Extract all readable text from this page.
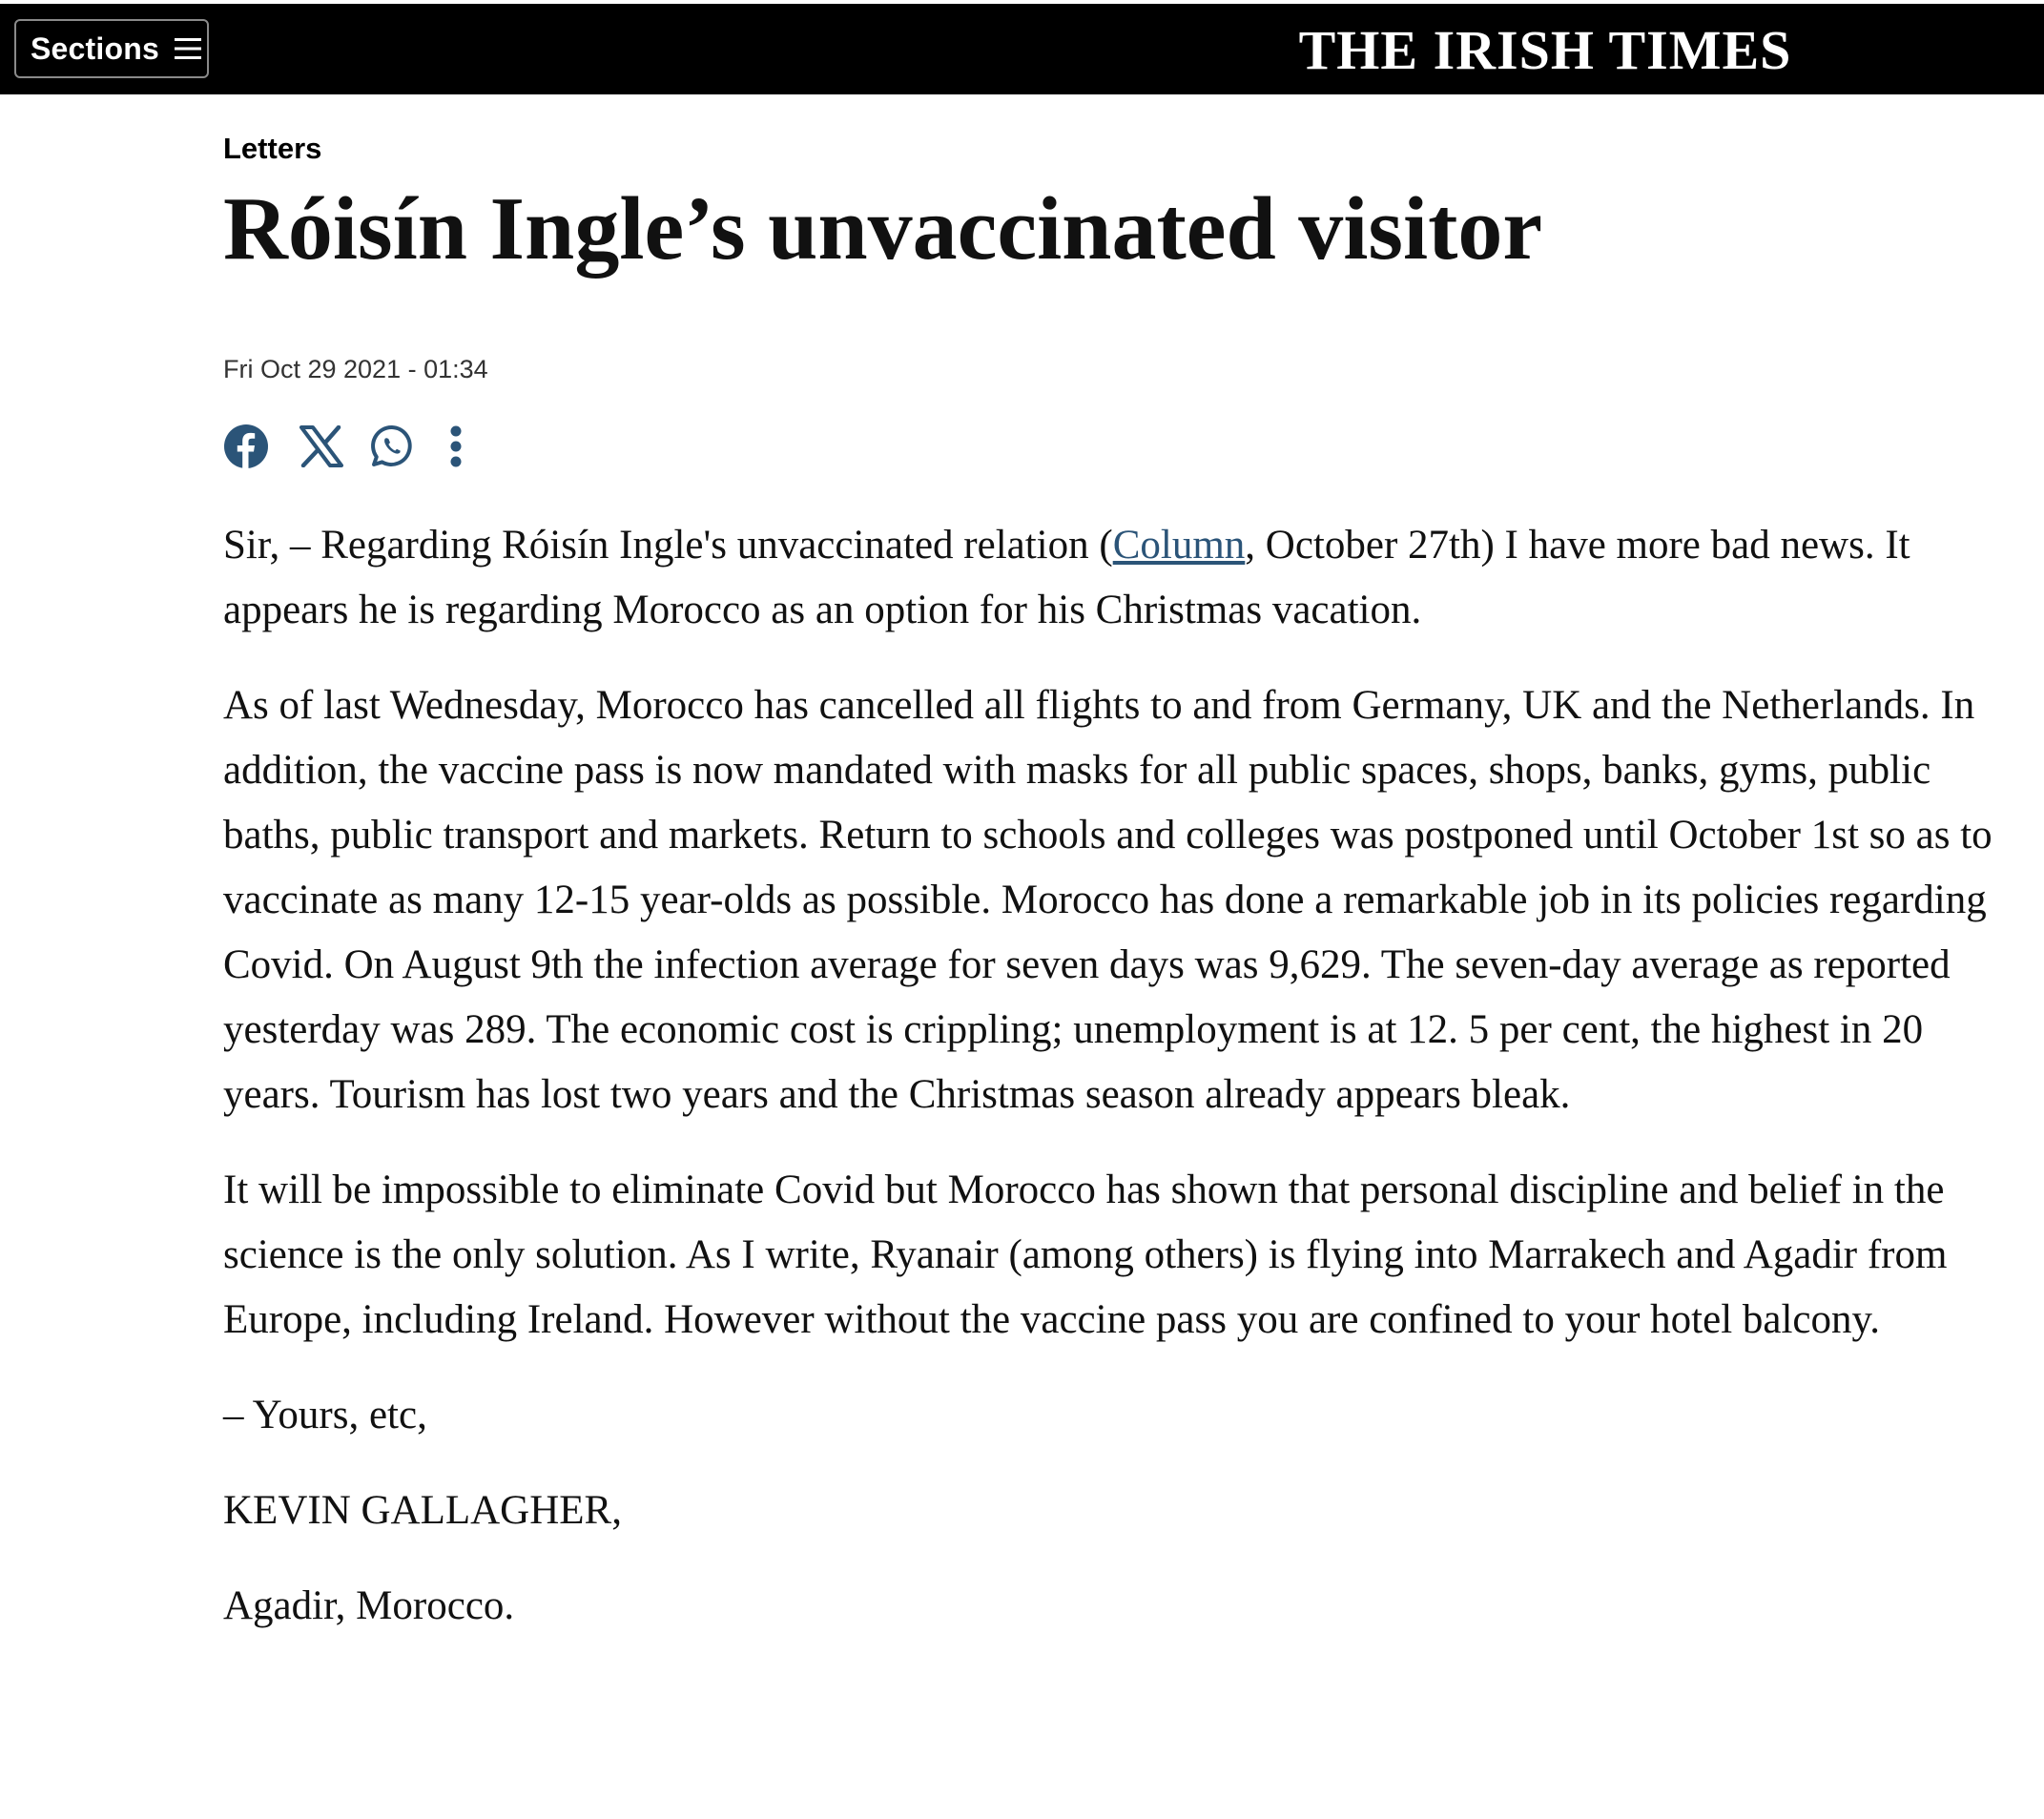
Sections	THE IRISH TIMES
Letters
Róisín Ingle’s unvaccinated visitor
Fri Oct 29 2021 - 01:34

Sir, – Regarding Róisín Ingle's unvaccinated relation (Column, October 27th) I have more bad news. It appears he is regarding Morocco as an option for his Christmas vacation.

As of last Wednesday, Morocco has cancelled all flights to and from Germany, UK and the Netherlands. In addition, the vaccine pass is now mandated with masks for all public spaces, shops, banks, gyms, public baths, public transport and markets. Return to schools and colleges was postponed until October 1st so as to vaccinate as many 12-15 year-olds as possible. Morocco has done a remarkable job in its policies regarding Covid. On August 9th the infection average for seven days was 9,629. The seven-day average as reported yesterday was 289. The economic cost is crippling; unemployment is at 12. 5 per cent, the highest in 20 years. Tourism has lost two years and the Christmas season already appears bleak.

It will be impossible to eliminate Covid but Morocco has shown that personal discipline and belief in the science is the only solution. As I write, Ryanair (among others) is flying into Marrakech and Agadir from Europe, including Ireland. However without the vaccine pass you are confined to your hotel balcony.

– Yours, etc,

KEVIN GALLAGHER,

Agadir, Morocco.
